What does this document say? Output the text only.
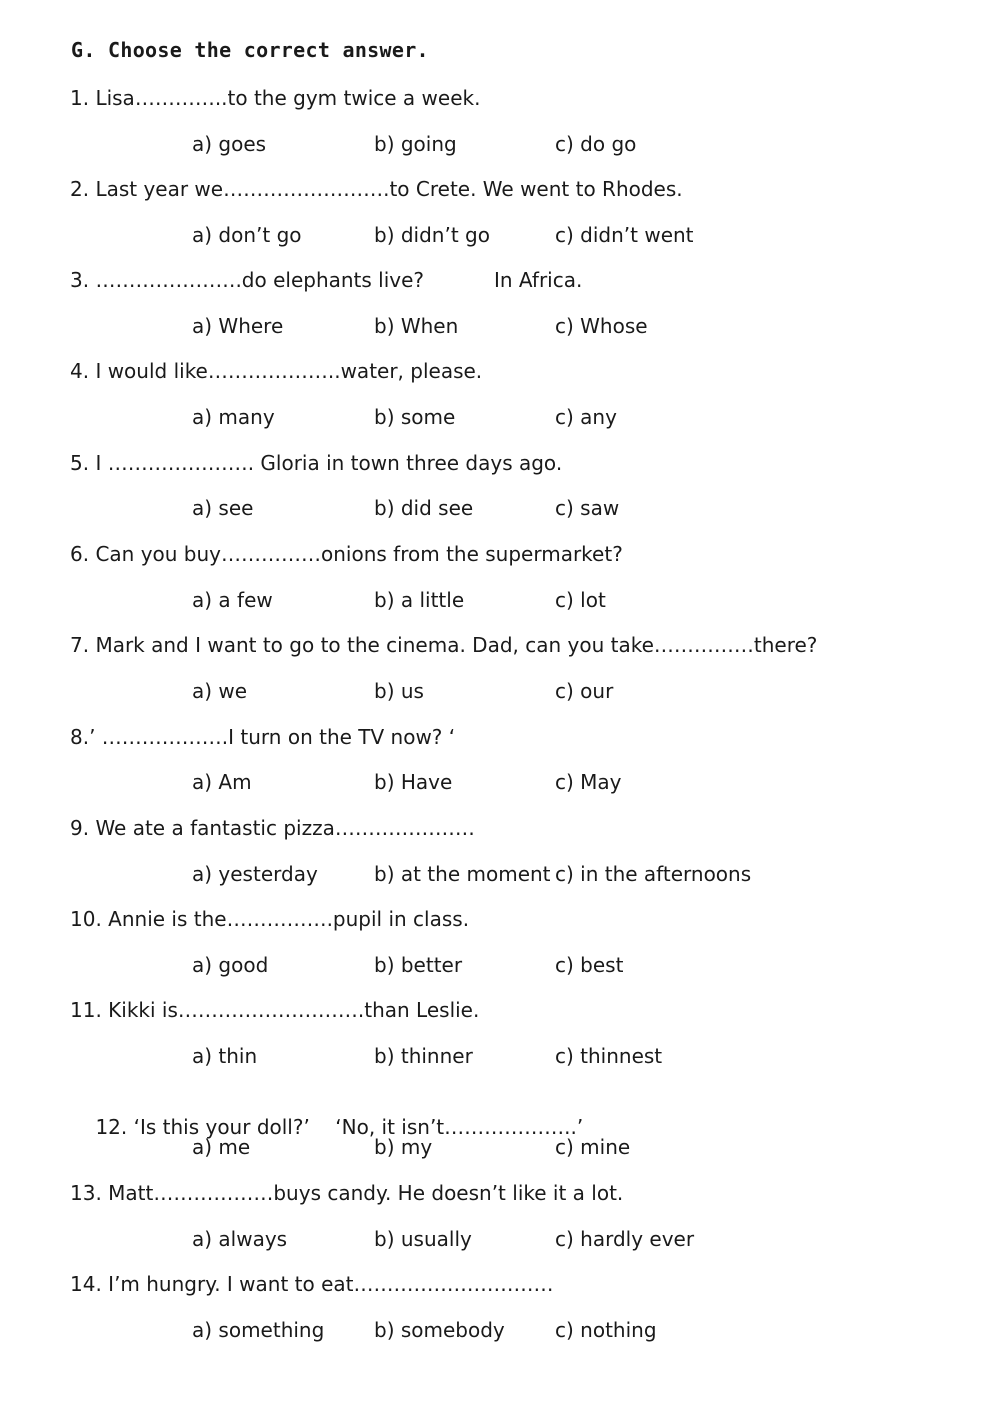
G. Choose the correct answer.
1. Lisa…………..to the gym twice a week.
a) goes	b) going	c) do go
2. Last year we…………………….to Crete. We went to Rhodes.
a) don’t go	b) didn’t go	c) didn’t went
3. ………………….do elephants live?	In Africa.
a) Where	b) When	c) Whose
4. I would like………………..water, please.
a) many	b) some	c) any
5. I …………………. Gloria in town three days ago.
a) see	b) did see	c) saw
6. Can you buy……………onions from the supermarket?
a) a few	b) a little	c) lot
7. Mark and I want to go to the cinema. Dad, can you take……………there?
a) we	b) us	c) our
8.’ ……………….I turn on the TV now? ‘
a) Am	b) Have	c) May
9. We ate a fantastic pizza…………………
a) yesterday	b) at the moment c) in the afternoons
10. Annie is the…………….pupil in class.
a) good	b) better	c) best
11. Kikki is……………………….than Leslie.
a) thin	b) thinner	c) thinnest

12. ‘Is this your doll?’    ‘No, it isn’t………………..’

a) me	b) my	c) mine
13. Matt………………buys candy. He doesn’t like it a lot.
a) always	b) usually	c) hardly ever
14. I’m hungry. I want to eat…………………………
a) something b) somebody	c) nothing
